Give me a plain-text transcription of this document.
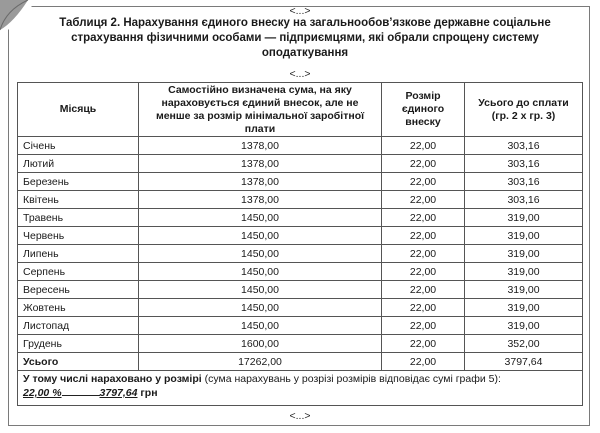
<...>
Таблиця 2. Нарахування єдиного внеску на загальнообов’язкове державне соціальне страхування фізичними особами — підприємцями, які обрали спрощену систему оподаткування
<...>
Місяць	Самостійно визначена сума, на яку нараховується єдиний внесок, але не менше за розмір мінімальної заробітної плати	Розмір єдиного внеску	Усього до сплати (гр. 2 х гр. 3)
Січень	1378,00	22,00	303,16
Лютий	1378,00	22,00	303,16
Березень	1378,00	22,00	303,16
Квітень	1378,00	22,00	303,16
Травень	1450,00	22,00	319,00
Червень	1450,00	22,00	319,00
Липень	1450,00	22,00	319,00
Серпень	1450,00	22,00	319,00
Вересень	1450,00	22,00	319,00
Жовтень	1450,00	22,00	319,00
Листопад	1450,00	22,00	319,00
Грудень	1600,00	22,00	352,00
Усього	17262,00	22,00	3797,64
У тому числі нараховано у розмірі (сума нарахувань у розрізі розмірів відповідає сумі графи 5):
22,00 % 3797,64 грн			
<...>
